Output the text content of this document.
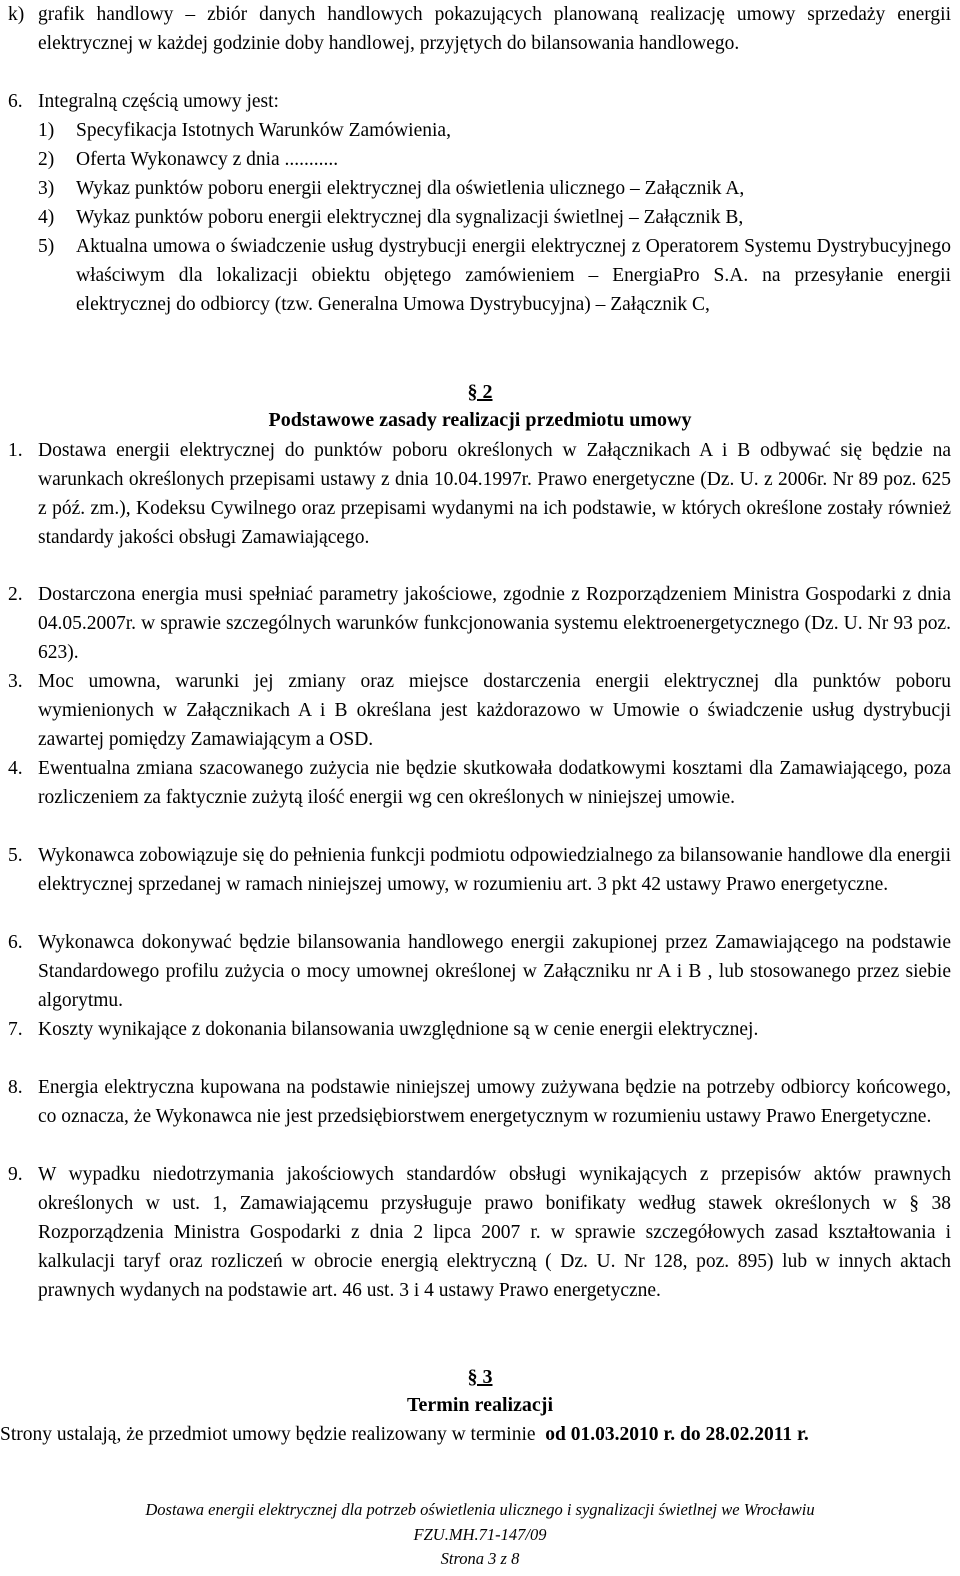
k) grafik handlowy – zbiór danych handlowych pokazujących planowaną realizację umowy sprzedaży energii elektrycznej w każdej godzinie doby handlowej, przyjętych do bilansowania handlowego.
6. Integralną częścią umowy jest:
1) Specyfikacja Istotnych Warunków Zamówienia,
2) Oferta Wykonawcy z dnia ...........
3) Wykaz punktów poboru energii elektrycznej dla oświetlenia ulicznego – Załącznik A,
4) Wykaz punktów poboru energii elektrycznej dla sygnalizacji świetlnej – Załącznik B,
5) Aktualna umowa o świadczenie usług dystrybucji energii elektrycznej z Operatorem Systemu Dystrybucyjnego właściwym dla lokalizacji obiektu objętego zamówieniem – EnergiaPro S.A. na przesyłanie energii elektrycznej do odbiorcy (tzw. Generalna Umowa Dystrybucyjna) – Załącznik C,
§ 2
Podstawowe zasady realizacji przedmiotu umowy
1. Dostawa energii elektrycznej do punktów poboru określonych w Załącznikach A i B odbywać się będzie na warunkach określonych przepisami ustawy z dnia 10.04.1997r. Prawo energetyczne (Dz. U. z 2006r. Nr 89 poz. 625 z póź. zm.), Kodeksu Cywilnego oraz przepisami wydanymi na ich podstawie, w których określone zostały również standardy jakości obsługi Zamawiającego.
2. Dostarczona energia musi spełniać parametry jakościowe, zgodnie z Rozporządzeniem Ministra Gospodarki z dnia 04.05.2007r. w sprawie szczególnych warunków funkcjonowania systemu elektroenergetycznego (Dz. U. Nr 93 poz. 623).
3. Moc umowna, warunki jej zmiany oraz miejsce dostarczenia energii elektrycznej dla punktów poboru wymienionych w Załącznikach A i B określana jest każdorazowo w Umowie o świadczenie usług dystrybucji zawartej pomiędzy Zamawiającym a OSD.
4. Ewentualna zmiana szacowanego zużycia nie będzie skutkowała dodatkowymi kosztami dla Zamawiającego, poza rozliczeniem za faktycznie zużytą ilość energii wg cen określonych w niniejszej umowie.
5. Wykonawca zobowiązuje się do pełnienia funkcji podmiotu odpowiedzialnego za bilansowanie handlowe dla energii elektrycznej sprzedanej w ramach niniejszej umowy, w rozumieniu art. 3 pkt 42 ustawy Prawo energetyczne.
6. Wykonawca dokonywać będzie bilansowania handlowego energii zakupionej przez Zamawiającego na podstawie Standardowego profilu zużycia o mocy umownej określonej w Załączniku nr A i B , lub stosowanego przez siebie algorytmu.
7. Koszty wynikające z dokonania bilansowania uwzględnione są w cenie energii elektrycznej.
8. Energia elektryczna kupowana na podstawie niniejszej umowy zużywana będzie na potrzeby odbiorcy końcowego, co oznacza, że Wykonawca nie jest przedsiębiorstwem energetycznym w rozumieniu ustawy Prawo Energetyczne.
9. W wypadku niedotrzymania jakościowych standardów obsługi wynikających z przepisów aktów prawnych określonych w ust. 1, Zamawiającemu przysługuje prawo bonifikaty według stawek określonych w § 38 Rozporządzenia Ministra Gospodarki z dnia 2 lipca 2007 r. w sprawie szczegółowych zasad kształtowania i kalkulacji taryf oraz rozliczeń w obrocie energią elektryczną ( Dz. U. Nr 128, poz. 895) lub w innych aktach prawnych wydanych na podstawie art. 46 ust. 3 i 4 ustawy Prawo energetyczne.
§ 3
Termin realizacji
Strony ustalają, że przedmiot umowy będzie realizowany w terminie od 01.03.2010 r. do 28.02.2011 r.
Dostawa energii elektrycznej dla potrzeb oświetlenia ulicznego i sygnalizacji świetlnej we Wrocławiu
FZU.MH.71-147/09
Strona 3 z 8
